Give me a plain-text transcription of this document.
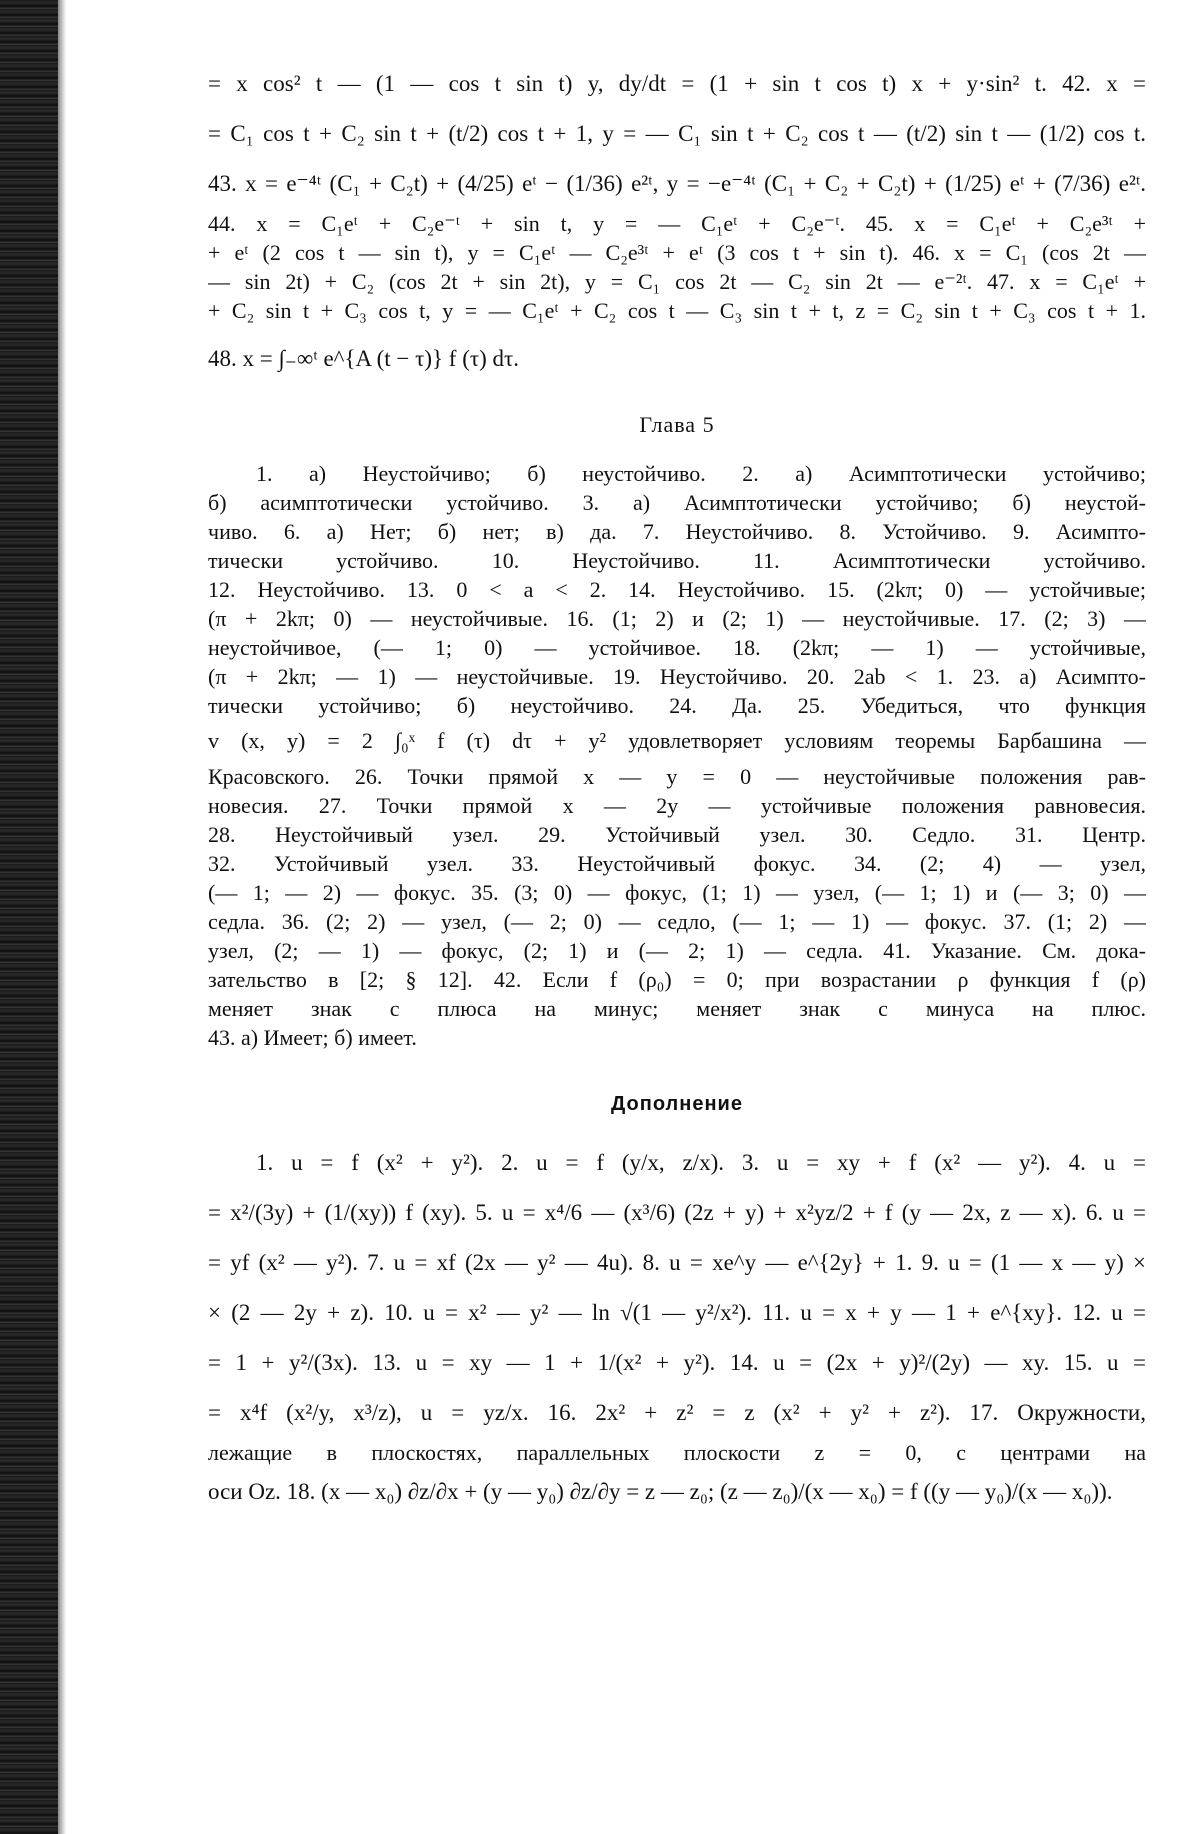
= x cos² t — (1 — cos t sin t) y, dy/dt = (1 + sin t cos t) x + y·sin² t. 42. x =
= C₁ cos t + C₂ sin t + (t/2) cos t + 1, y = — C₁ sin t + C₂ cos t — (t/2) sin t — (1/2) cos t.
43. x = e⁻⁴ᵗ (C₁ + C₂t) + (4/25) eᵗ − (1/36) e²ᵗ, y = −e⁻⁴ᵗ (C₁ + C₂ + C₂t) + (1/25) eᵗ + (7/36) e²ᵗ.
44. x = C₁eᵗ + C₂e⁻ᵗ + sin t, y = — C₁eᵗ + C₂e⁻ᵗ. 45. x = C₁eᵗ + C₂e³ᵗ +
+ eᵗ (2 cos t — sin t), y = C₁eᵗ — C₂e³ᵗ + eᵗ (3 cos t + sin t). 46. x = C₁ (cos 2t —
— sin 2t) + C₂ (cos 2t + sin 2t), y = C₁ cos 2t — C₂ sin 2t — e⁻²ᵗ. 47. x = C₁eᵗ +
+ C₂ sin t + C₃ cos t, y = — C₁eᵗ + C₂ cos t — C₃ sin t + t, z = C₂ sin t + C₃ cos t + 1.
48. x = ∫₋∞ᵗ e^{A (t − τ)} f (τ) dτ.
Глава 5
1. а) Неустойчиво; б) неустойчиво. 2. а) Асимптотически устойчиво;
б) асимптотически устойчиво. 3. а) Асимптотически устойчиво; б) неустой-
чиво. 6. а) Нет; б) нет; в) да. 7. Неустойчиво. 8. Устойчиво. 9. Асимпто-
тически устойчиво. 10. Неустойчиво. 11. Асимптотически устойчиво.
12. Неустойчиво. 13. 0 < a < 2. 14. Неустойчиво. 15. (2kπ; 0) — устойчивые;
(π + 2kπ; 0) — неустойчивые. 16. (1; 2) и (2; 1) — неустойчивые. 17. (2; 3) —
неустойчивое, (— 1; 0) — устойчивое. 18. (2kπ; — 1) — устойчивые,
(π + 2kπ; — 1) — неустойчивые. 19. Неустойчиво. 20. 2ab < 1. 23. а) Асимпто-
тически устойчиво; б) неустойчиво. 24. Да. 25. Убедиться, что функция
v (x, y) = 2 ∫₀ˣ f (τ) dτ + y² удовлетворяет условиям теоремы Барбашина —
Красовского. 26. Точки прямой x — y = 0 — неустойчивые положения рав-
новесия. 27. Точки прямой x — 2y — устойчивые положения равновесия.
28. Неустойчивый узел. 29. Устойчивый узел. 30. Седло. 31. Центр.
32. Устойчивый узел. 33. Неустойчивый фокус. 34. (2; 4) — узел,
(— 1; — 2) — фокус. 35. (3; 0) — фокус, (1; 1) — узел, (— 1; 1) и (— 3; 0) —
седла. 36. (2; 2) — узел, (— 2; 0) — седло, (— 1; — 1) — фокус. 37. (1; 2) —
узел, (2; — 1) — фокус, (2; 1) и (— 2; 1) — седла. 41. Указание. См. дока-
зательство в [2; § 12]. 42. Если f (ρ₀) = 0; при возрастании ρ функция f (ρ)
меняет знак с плюса на минус; меняет знак с минуса на плюс.
43. а) Имеет; б) имеет.
Дополнение
1. u = f (x² + y²). 2. u = f (y/x, z/x). 3. u = xy + f (x² — y²). 4. u =
= x²/(3y) + (1/(xy)) f (xy). 5. u = x⁴/6 — (x³/6) (2z + y) + x²yz/2 + f (y — 2x, z — x). 6. u =
= yf (x² — y²). 7. u = xf (2x — y² — 4u). 8. u = xe^y — e^{2y} + 1. 9. u = (1 — x — y) ×
× (2 — 2y + z). 10. u = x² — y² — ln √(1 — y²/x²). 11. u = x + y — 1 + e^{xy}. 12. u =
= 1 + y²/(3x). 13. u = xy — 1 + 1/(x² + y²). 14. u = (2x + y)²/(2y) — xy. 15. u =
= x⁴f (x²/y, x³/z), u = yz/x. 16. 2x² + z² = z (x² + y² + z²). 17. Окружности,
лежащие в плоскостях, параллельных плоскости z = 0, с центрами на
оси Oz. 18. (x — x₀) ∂z/∂x + (y — y₀) ∂z/∂y = z — z₀; (z — z₀)/(x — x₀) = f ((y — y₀)/(x — x₀)).
